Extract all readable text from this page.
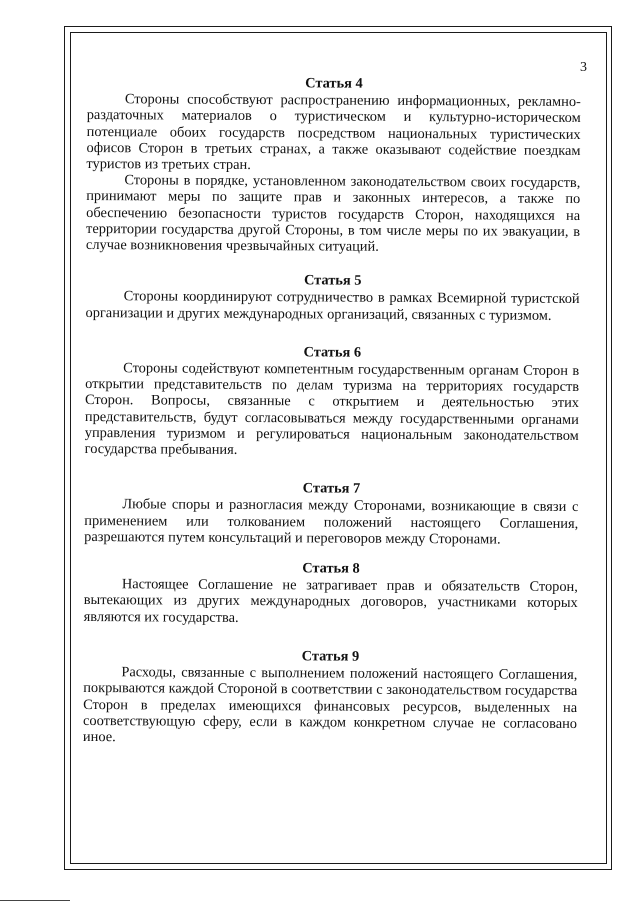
3
Статья 4

Стороны способствуют распространению информационных, рекламно-раздаточных материалов о туристическом и культурно-историческом потенциале обоих государств посредством национальных туристических офисов Сторон в третьих странах, а также оказывают содействие поездкам туристов из третьих стран.

Стороны в порядке, установленном законодательством своих государств, принимают меры по защите прав и законных интересов, а также по обеспечению безопасности туристов государств Сторон, находящихся на территории государства другой Стороны, в том числе меры по их эвакуации, в случае возникновения чрезвычайных ситуаций.

Статья 5

Стороны координируют сотрудничество в рамках Всемирной туристской организации и других международных организаций, связанных с туризмом.

Статья 6

Стороны содействуют компетентным государственным органам Сторон в открытии представительств по делам туризма на территориях государств Сторон. Вопросы, связанные с открытием и деятельностью этих представительств, будут согласовываться между государственными органами управления туризмом и регулироваться национальным законодательством государства пребывания.

Статья 7

Любые споры и разногласия между Сторонами, возникающие в связи с применением или толкованием положений настоящего Соглашения, разрешаются путем консультаций и переговоров между Сторонами.

Статья 8

Настоящее Соглашение не затрагивает прав и обязательств Сторон, вытекающих из других международных договоров, участниками которых являются их государства.

Статья 9

Расходы, связанные с выполнением положений настоящего Соглашения, покрываются каждой Стороной в соответствии с законодательством государства Сторон в пределах имеющихся финансовых ресурсов, выделенных на соответствующую сферу, если в каждом конкретном случае не согласовано иное.
